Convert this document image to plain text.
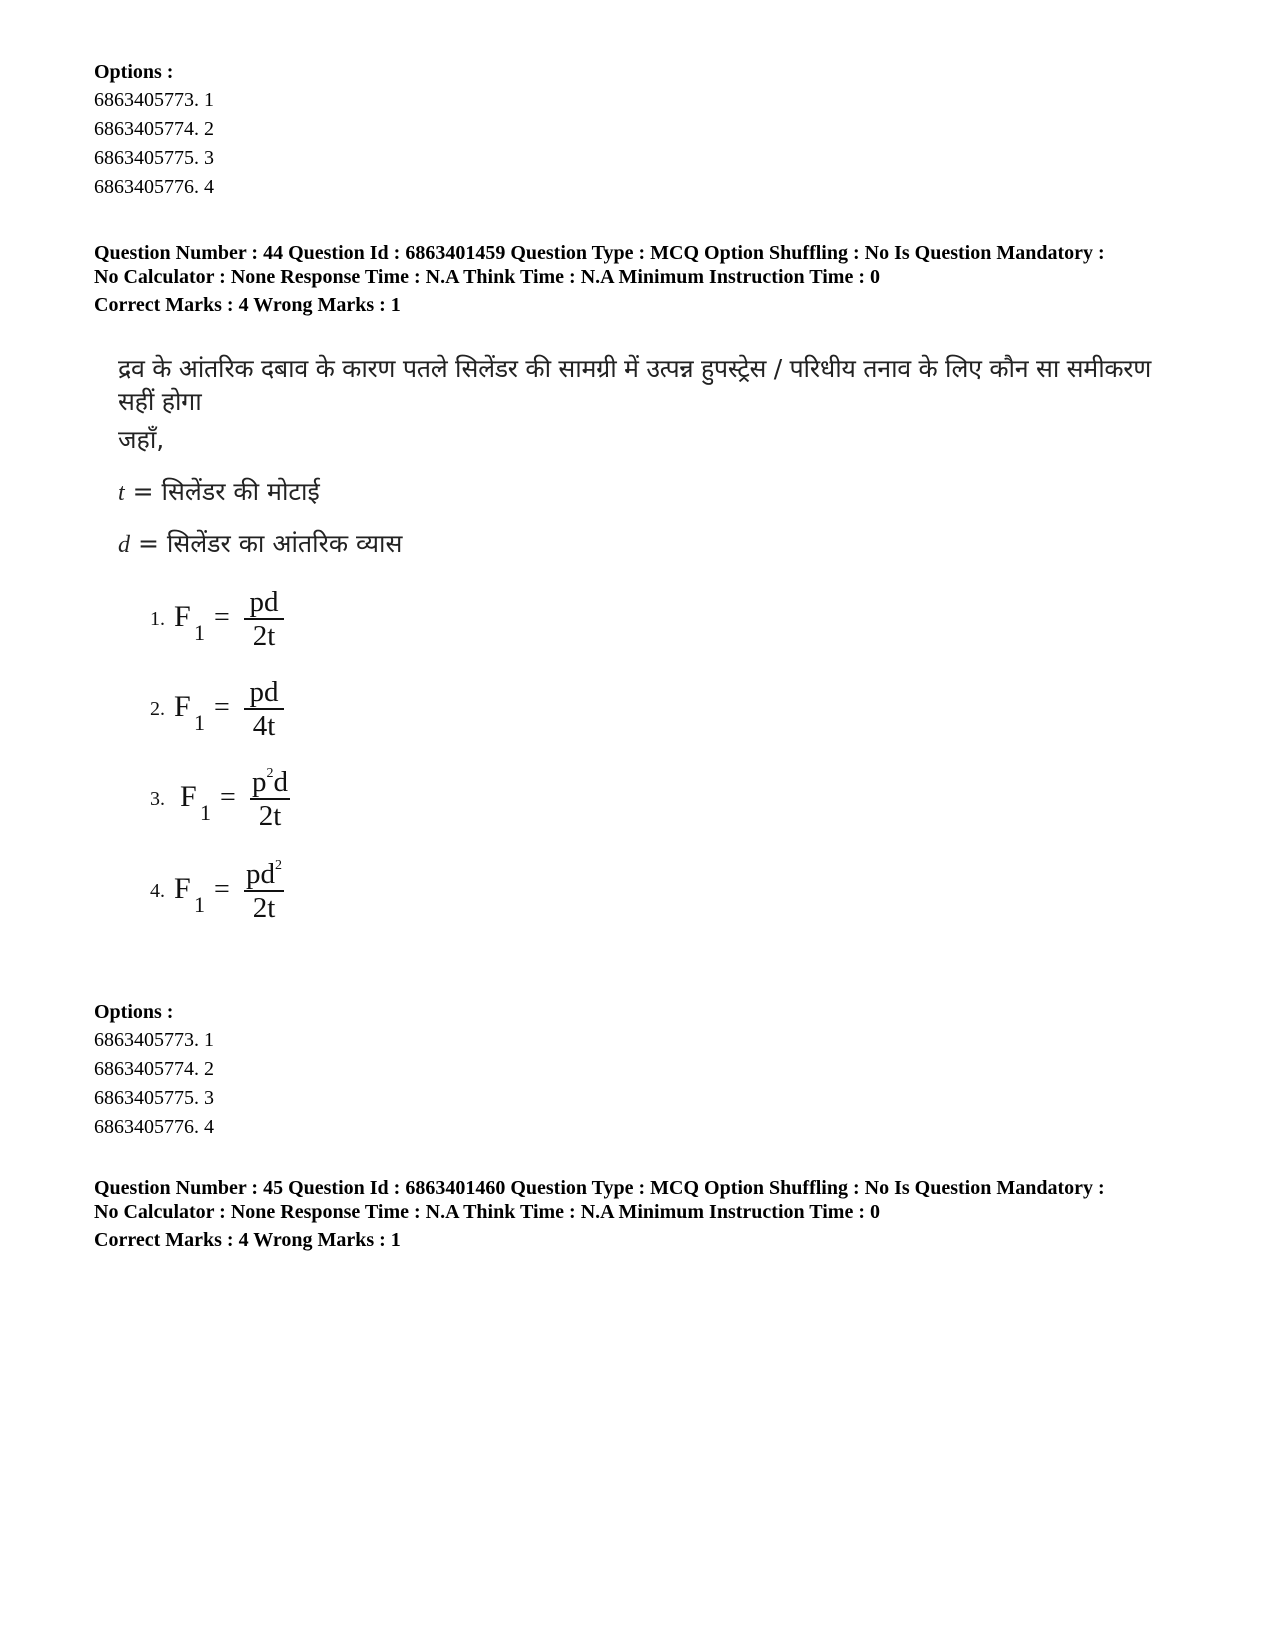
Options :
6863405773. 1
6863405774. 2
6863405775. 3
6863405776. 4
Question Number : 44 Question Id : 6863401459 Question Type : MCQ Option Shuffling : No Is Question Mandatory :
No Calculator : None Response Time : N.A Think Time : N.A Minimum Instruction Time : 0
Correct Marks : 4 Wrong Marks : 1
द्रव के आंतरिक दबाव के कारण पतले सिलेंडर की सामग्री में उत्पन्न हुपस्ट्रेस / परिधीय तनाव के लिए कौन सा समीकरण
सहीं होगा
जहाँ,
t = सिलेंडर की मोटाई
d = सिलेंडर का आंतरिक व्यास
1. F $1 = \frac{pd}{2t}$
2. F $1 = \frac{pd}{4t}$
3. F $1 = \frac{p^2d}{2t}$
4. F $1 = \frac{pd^2}{2t}$
Options :
6863405773. 1
6863405774. 2
6863405775. 3
6863405776. 4
Question Number : 45 Question Id : 6863401460 Question Type : MCQ Option Shuffling : No Is Question Mandatory :
No Calculator : None Response Time : N.A Think Time : N.A Minimum Instruction Time : 0
Correct Marks : 4 Wrong Marks : 1
